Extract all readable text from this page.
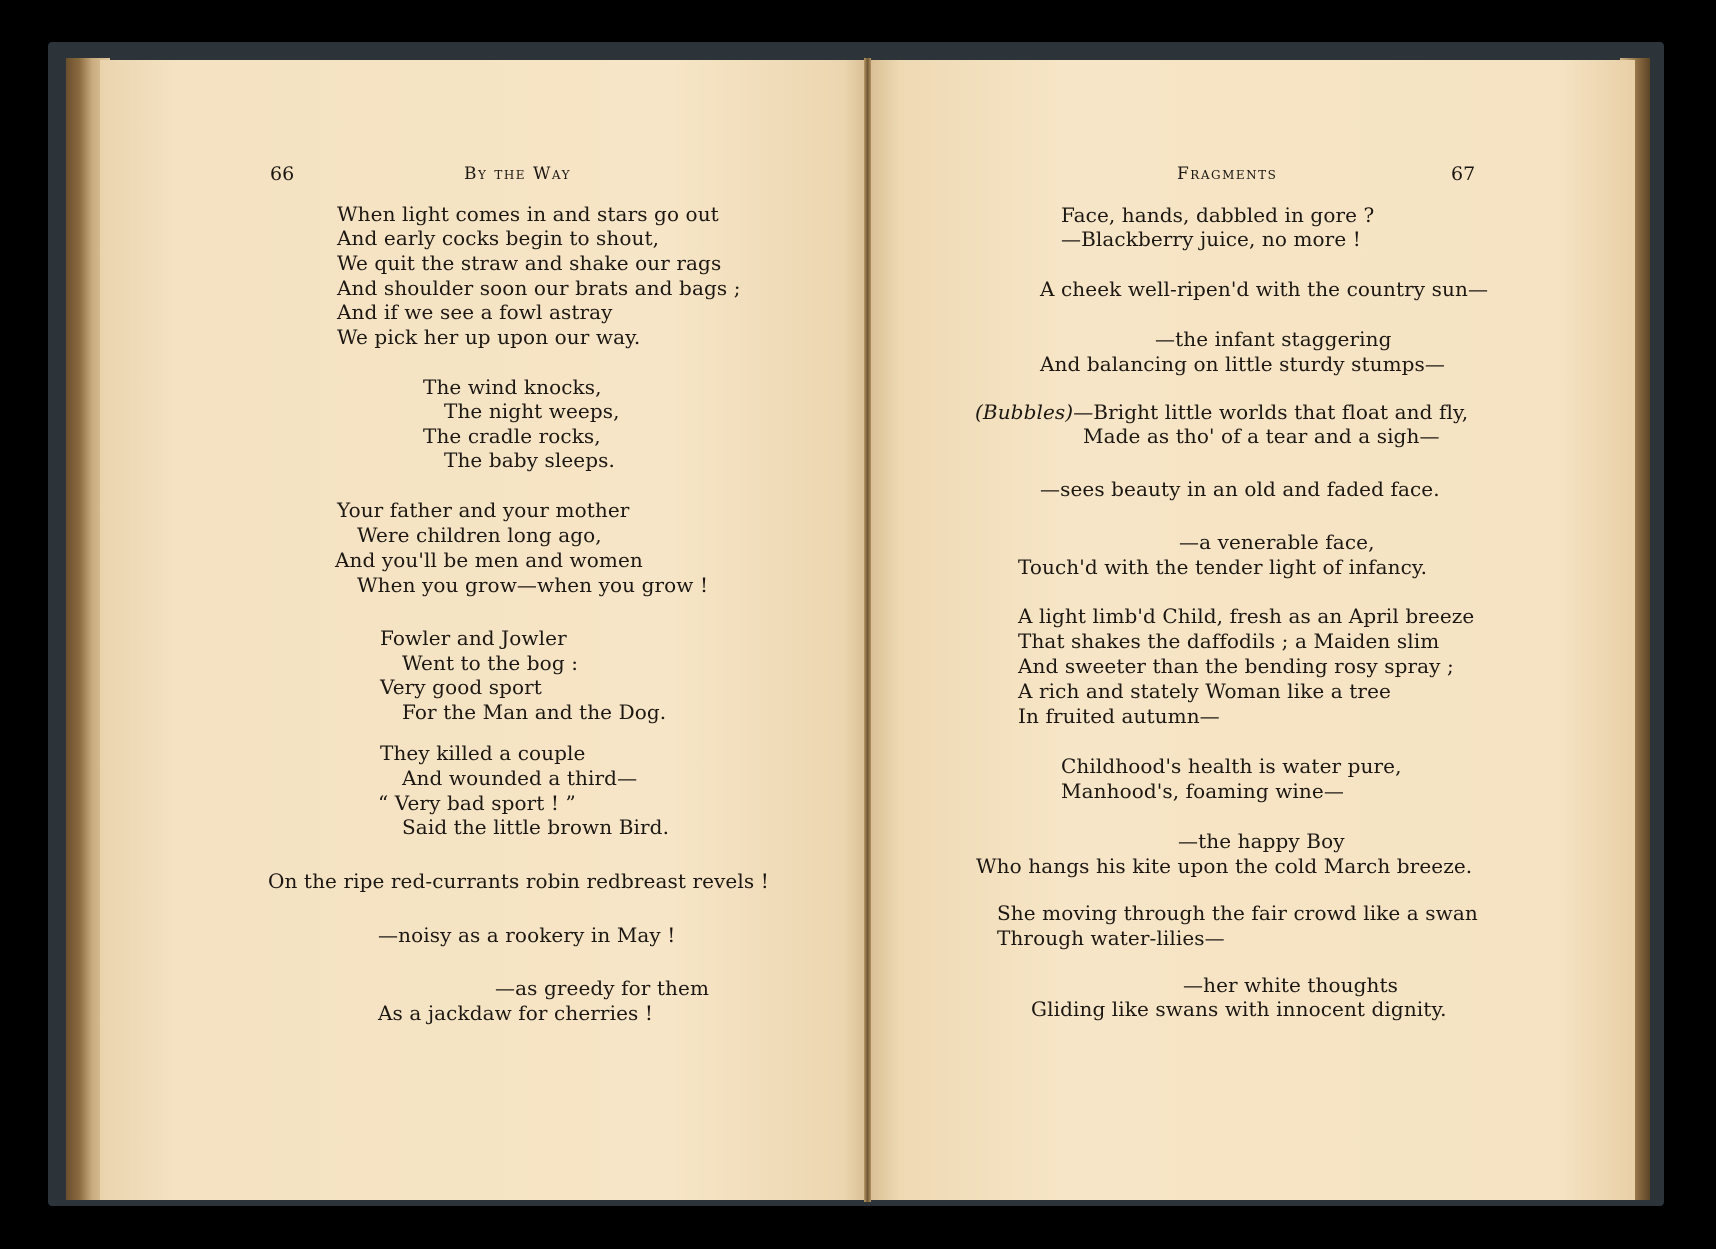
66	By the Way
When light comes in and stars go out
And early cocks begin to shout,
We quit the straw and shake our rags
And shoulder soon our brats and bags ;
And if we see a fowl astray
We pick her up upon our way.
The wind knocks,
The night weeps,
The cradle rocks,
The baby sleeps.
Your father and your mother
Were children long ago,
And you'll be men and women
When you grow—when you grow !
Fowler and Jowler
Went to the bog :
Very good sport
For the Man and the Dog.
They killed a couple
And wounded a third—
“ Very bad sport ! ”
Said the little brown Bird.
On the ripe red-currants robin redbreast revels !
—noisy as a rookery in May !
—as greedy for them
As a jackdaw for cherries !
Fragments	67
Face, hands, dabbled in gore ?
—Blackberry juice, no more !
A cheek well-ripen'd with the country sun—
—the infant staggering
And balancing on little sturdy stumps—
(Bubbles)—Bright little worlds that float and fly,
Made as tho' of a tear and a sigh—
—sees beauty in an old and faded face.
—a venerable face,
Touch'd with the tender light of infancy.
A light limb'd Child, fresh as an April breeze
That shakes the daffodils ; a Maiden slim
And sweeter than the bending rosy spray ;
A rich and stately Woman like a tree
In fruited autumn—
Childhood's health is water pure,
Manhood's, foaming wine—
—the happy Boy
Who hangs his kite upon the cold March breeze.
She moving through the fair crowd like a swan
Through water-lilies—
—her white thoughts
Gliding like swans with innocent dignity.
